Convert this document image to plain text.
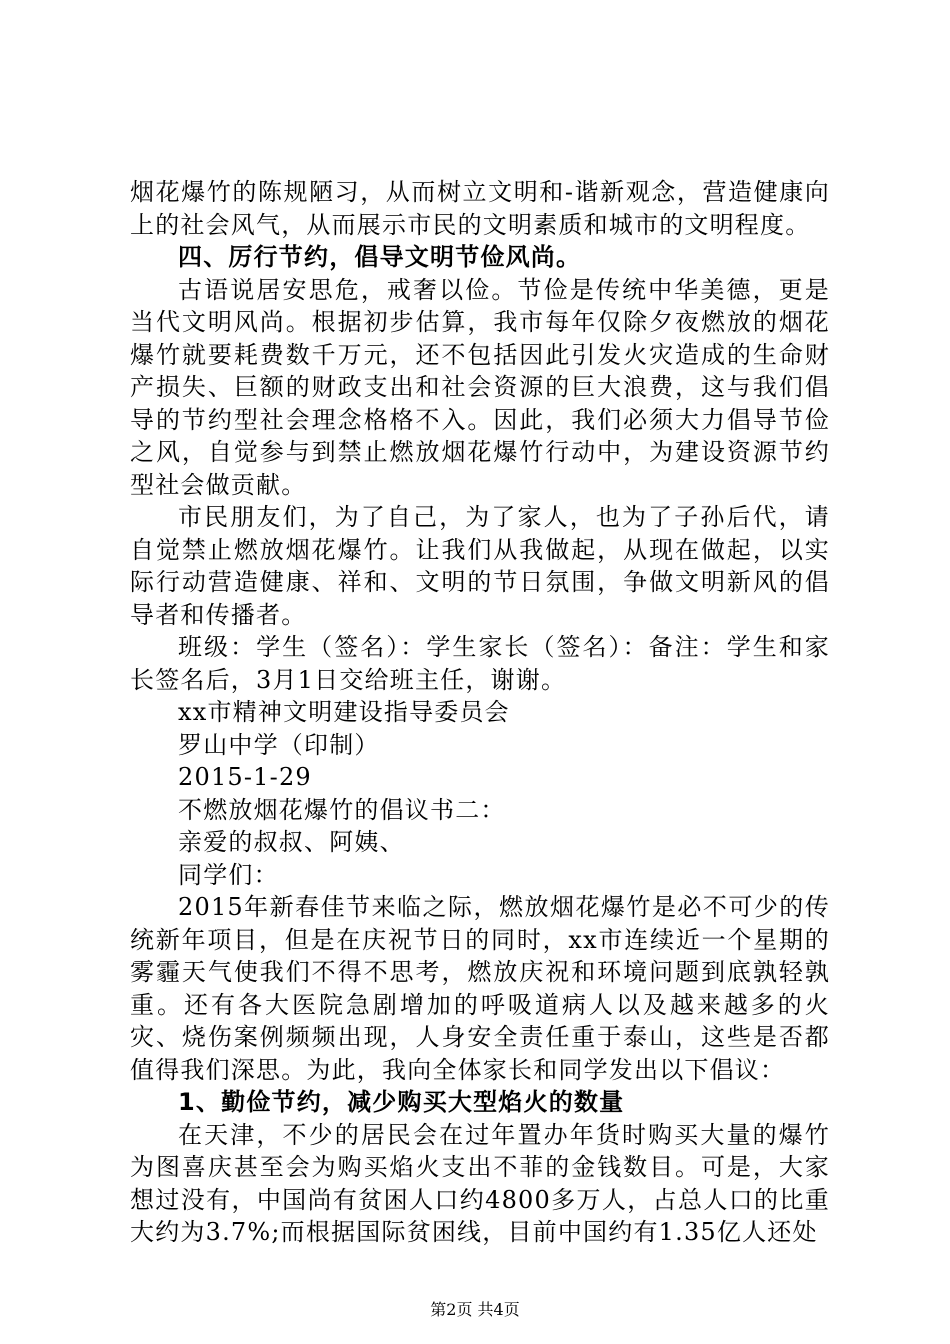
烟花爆竹的陈规陋习，从而树立文明和-谐新观念，营造健康向上的社会风气，从而展示市民的文明素质和城市的文明程度。

四、厉行节约，倡导文明节俭风尚。

古语说居安思危，戒奢以俭。节俭是传统中华美德，更是当代文明风尚。根据初步估算，我市每年仅除夕夜燃放的烟花爆竹就要耗费数千万元，还不包括因此引发火灾造成的生命财产损失、巨额的财政支出和社会资源的巨大浪费，这与我们倡导的节约型社会理念格格不入。因此，我们必须大力倡导节俭之风，自觉参与到禁止燃放烟花爆竹行动中，为建设资源节约型社会做贡献。

市民朋友们，为了自己，为了家人，也为了子孙后代，请自觉禁止燃放烟花爆竹。让我们从我做起，从现在做起，以实际行动营造健康、祥和、文明的节日氛围，争做文明新风的倡导者和传播者。

班级：学生（签名）：学生家长（签名）：备注：学生和家长签名后，3月1日交给班主任，谢谢。

xx市精神文明建设指导委员会

罗山中学（印制）

2015-1-29

不燃放烟花爆竹的倡议书二：

亲爱的叔叔、阿姨、

同学们：

2015年新春佳节来临之际，燃放烟花爆竹是必不可少的传统新年项目，但是在庆祝节日的同时，xx市连续近一个星期的雾霾天气使我们不得不思考，燃放庆祝和环境问题到底孰轻孰重。还有各大医院急剧增加的呼吸道病人以及越来越多的火灾、烧伤案例频频出现，人身安全责任重于泰山，这些是否都值得我们深思。为此，我向全体家长和同学发出以下倡议：

1、勤俭节约，减少购买大型焰火的数量

在天津，不少的居民会在过年置办年货时购买大量的爆竹为图喜庆甚至会为购买焰火支出不菲的金钱数目。可是，大家想过没有，中国尚有贫困人口约4800多万人，占总人口的比重大约为3.7%;而根据国际贫困线，目前中国约有1.35亿人还处

第2页 共4页
